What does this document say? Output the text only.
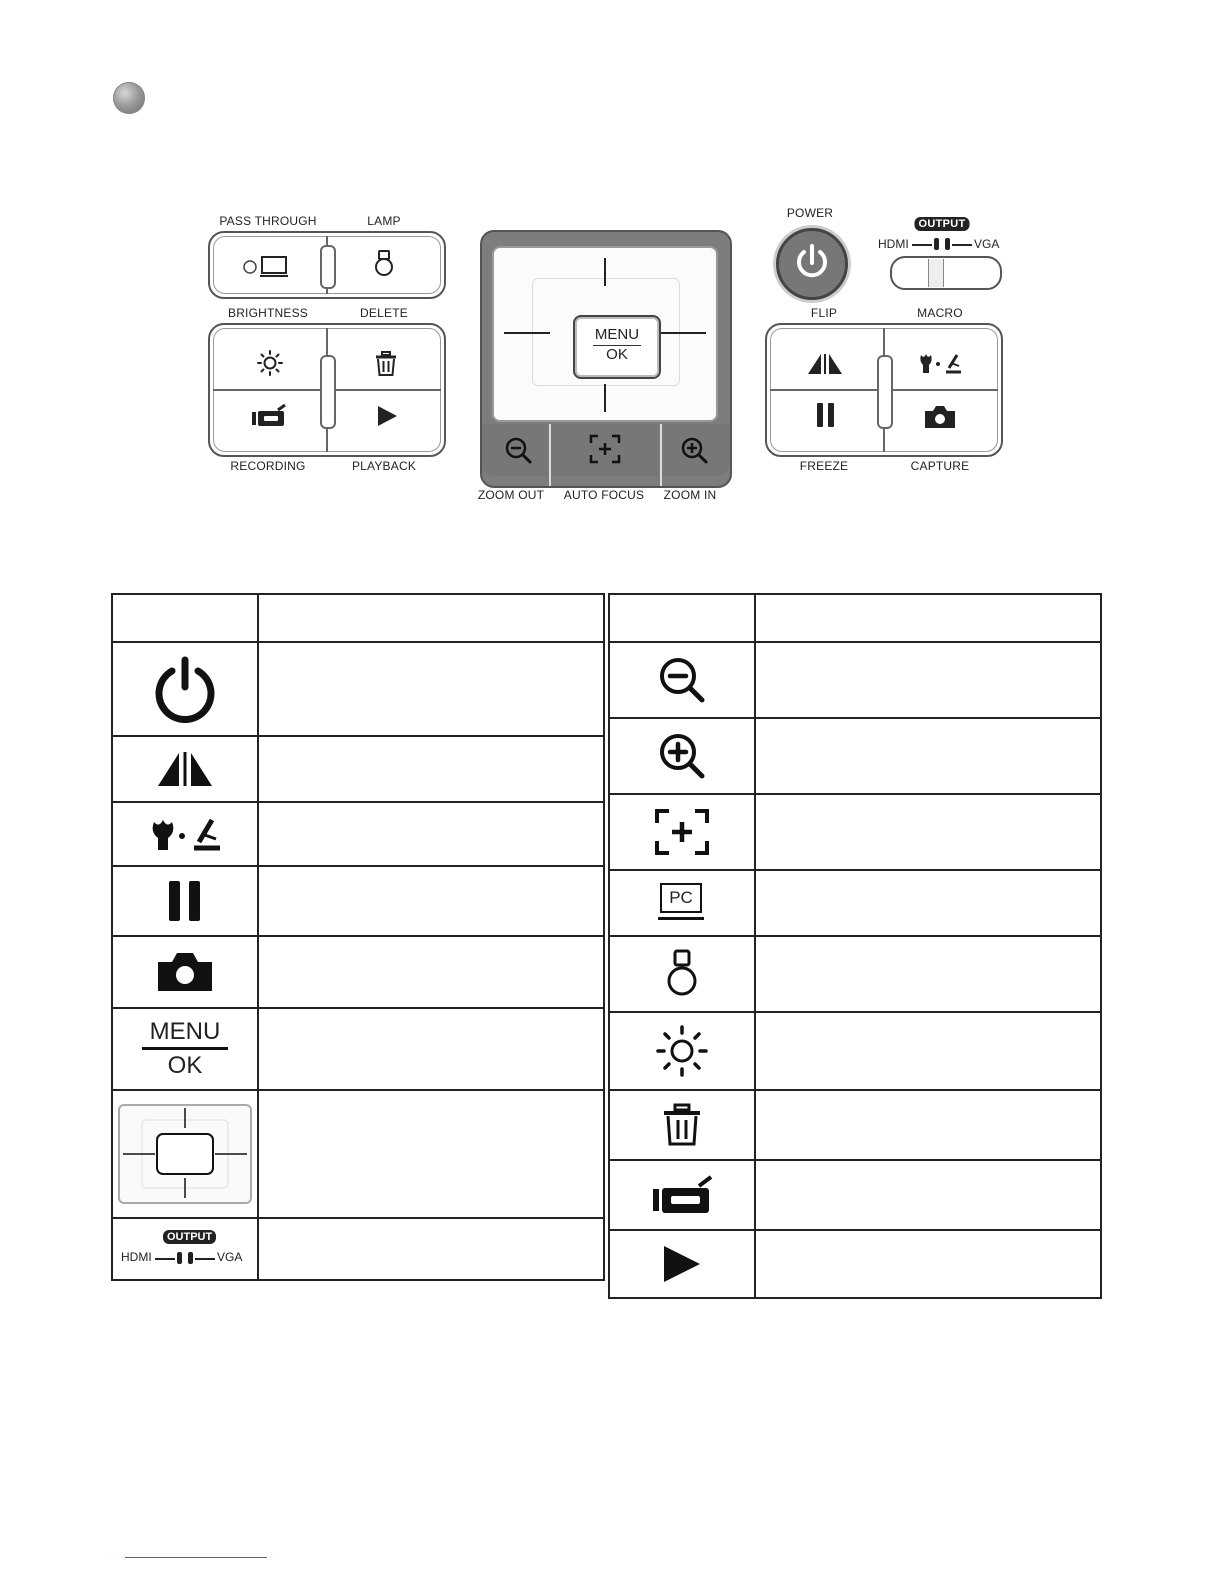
PASS THROUGH	LAMP
BRIGHTNESS	DELETE
RECORDING	PLAYBACK
MENU
OK
ZOOM OUT AUTO FOCUS ZOOM IN
POWER
OUTPUT
HDMI	VGA
FLIP	MACRO
FREEZE	CAPTURE

MENU
OK	

OUTPUT
HDMI VGA	

PC	
